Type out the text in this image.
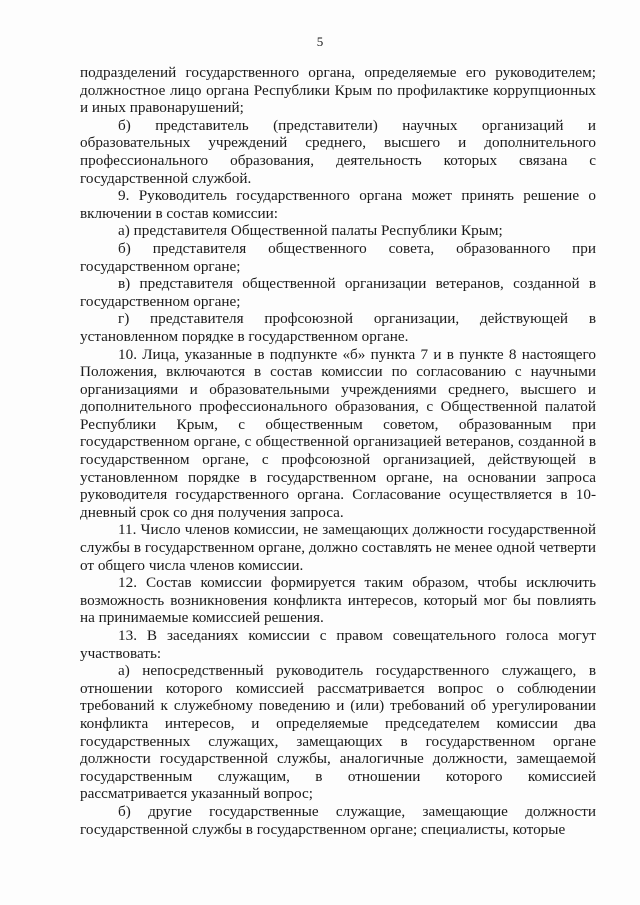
5

подразделений государственного органа, определяемые его руководителем; должностное лицо органа Республики Крым по профилактике коррупционных и иных правонарушений;

б) представитель (представители) научных организаций и образовательных учреждений среднего, высшего и дополнительного профессионального образования, деятельность которых связана с государственной службой.

9. Руководитель государственного органа может принять решение о включении в состав комиссии:

а) представителя Общественной палаты Республики Крым;

б) представителя общественного совета, образованного при государственном органе;

в) представителя общественной организации ветеранов, созданной в государственном органе;

г) представителя профсоюзной организации, действующей в установленном порядке в государственном органе.

10. Лица, указанные в подпункте «б» пункта 7 и в пункте 8 настоящего Положения, включаются в состав комиссии по согласованию с научными организациями и образовательными учреждениями среднего, высшего и дополнительного профессионального образования, с Общественной палатой Республики Крым, с общественным советом, образованным при государственном органе, с общественной организацией ветеранов, созданной в государственном органе, с профсоюзной организацией, действующей в установленном порядке в государственном органе, на основании запроса руководителя государственного органа. Согласование осуществляется в 10-дневный срок со дня получения запроса.

11. Число членов комиссии, не замещающих должности государственной службы в государственном органе, должно составлять не менее одной четверти от общего числа членов комиссии.

12. Состав комиссии формируется таким образом, чтобы исключить возможность возникновения конфликта интересов, который мог бы повлиять на принимаемые комиссией решения.

13. В заседаниях комиссии с правом совещательного голоса могут участвовать:

а) непосредственный руководитель государственного служащего, в отношении которого комиссией рассматривается вопрос о соблюдении требований к служебному поведению и (или) требований об урегулировании конфликта интересов, и определяемые председателем комиссии два государственных служащих, замещающих в государственном органе должности государственной службы, аналогичные должности, замещаемой государственным служащим, в отношении которого комиссией рассматривается указанный вопрос;

б) другие государственные служащие, замещающие должности государственной службы в государственном органе; специалисты, которые
